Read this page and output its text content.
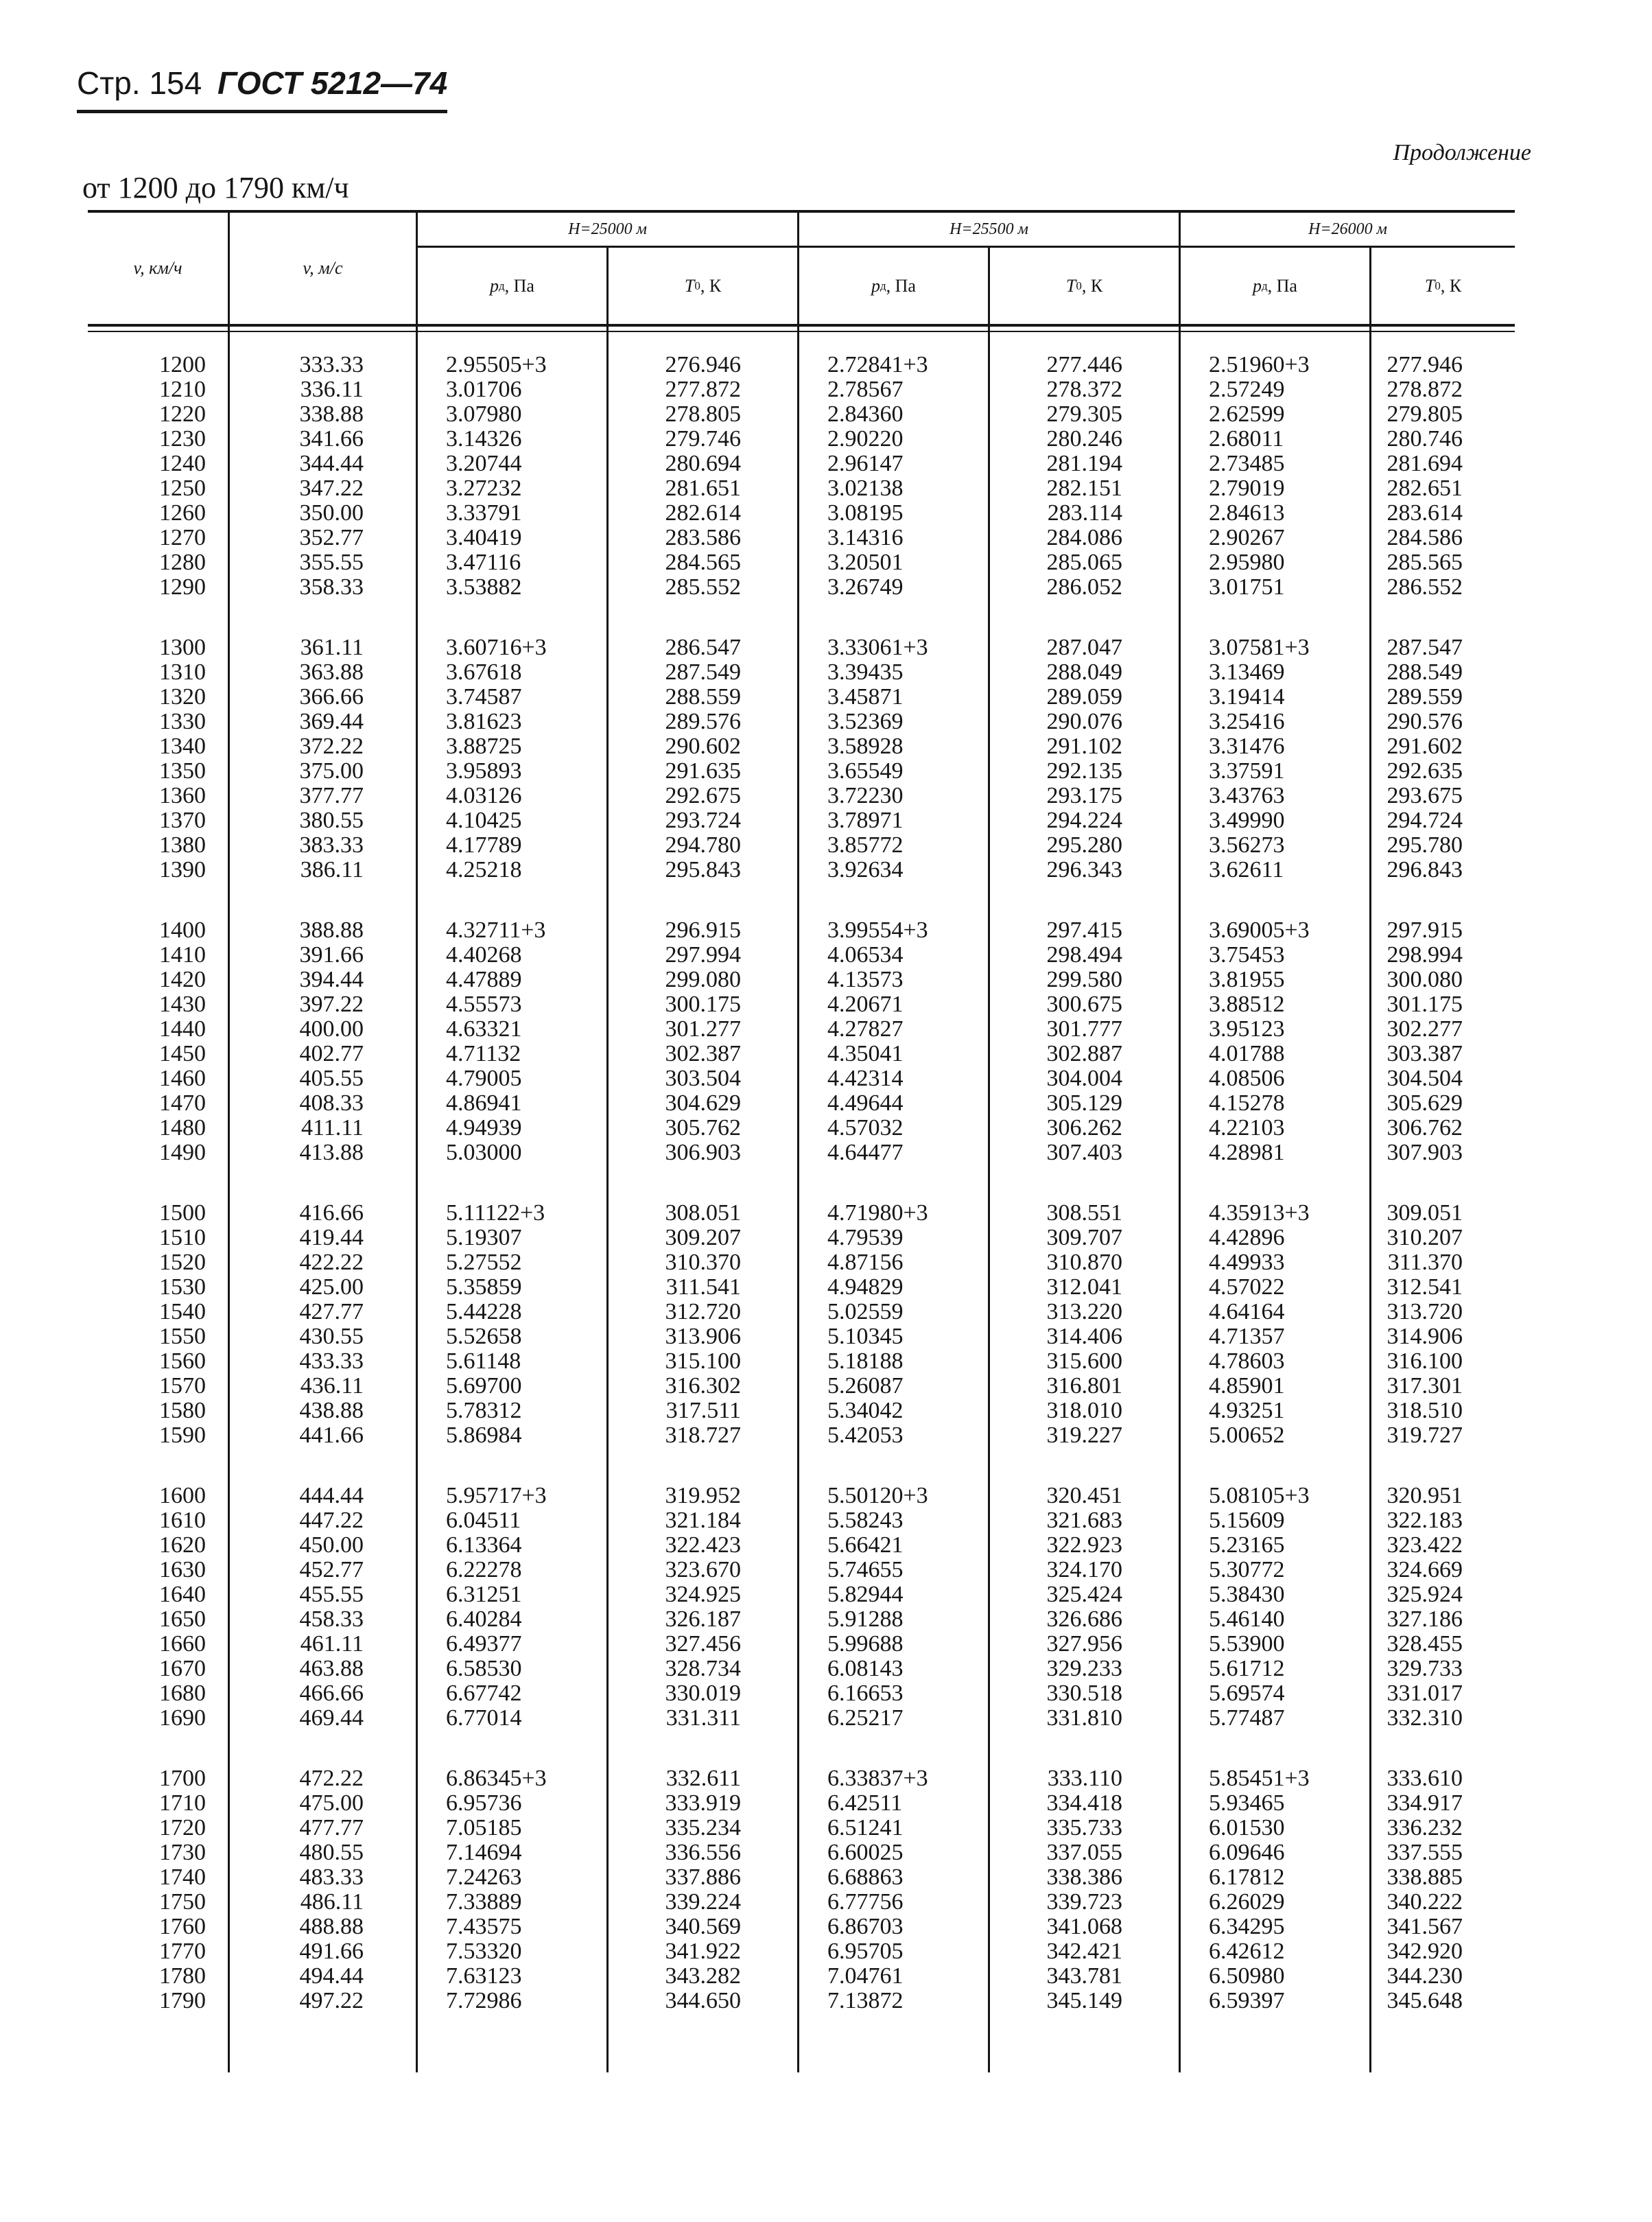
Стр. 154 ГОСТ 5212—74
Продолжение
от 1200 до 1790 км/ч
v, км/ч	v, м/с
H=25000 м	H=25500 м	H=26000 м
p д , Па	T 0 , К	p д , Па	T 0 , К	p д , Па	T 0 , К
1200	333.33	2.95505+3	276.946	2.72841+3	277.446	2.51960+3	277.946
1210	336.11	3.01706	277.872	2.78567	278.372	2.57249	278.872
1220	338.88	3.07980	278.805	2.84360	279.305	2.62599	279.805
1230	341.66	3.14326	279.746	2.90220	280.246	2.68011	280.746
1240	344.44	3.20744	280.694	2.96147	281.194	2.73485	281.694
1250	347.22	3.27232	281.651	3.02138	282.151	2.79019	282.651
1260	350.00	3.33791	282.614	3.08195	283.114	2.84613	283.614
1270	352.77	3.40419	283.586	3.14316	284.086	2.90267	284.586
1280	355.55	3.47116	284.565	3.20501	285.065	2.95980	285.565
1290	358.33	3.53882	285.552	3.26749	286.052	3.01751	286.552
1300	361.11	3.60716+3	286.547	3.33061+3	287.047	3.07581+3	287.547
1310	363.88	3.67618	287.549	3.39435	288.049	3.13469	288.549
1320	366.66	3.74587	288.559	3.45871	289.059	3.19414	289.559
1330	369.44	3.81623	289.576	3.52369	290.076	3.25416	290.576
1340	372.22	3.88725	290.602	3.58928	291.102	3.31476	291.602
1350	375.00	3.95893	291.635	3.65549	292.135	3.37591	292.635
1360	377.77	4.03126	292.675	3.72230	293.175	3.43763	293.675
1370	380.55	4.10425	293.724	3.78971	294.224	3.49990	294.724
1380	383.33	4.17789	294.780	3.85772	295.280	3.56273	295.780
1390	386.11	4.25218	295.843	3.92634	296.343	3.62611	296.843
1400	388.88	4.32711+3	296.915	3.99554+3	297.415	3.69005+3	297.915
1410	391.66	4.40268	297.994	4.06534	298.494	3.75453	298.994
1420	394.44	4.47889	299.080	4.13573	299.580	3.81955	300.080
1430	397.22	4.55573	300.175	4.20671	300.675	3.88512	301.175
1440	400.00	4.63321	301.277	4.27827	301.777	3.95123	302.277
1450	402.77	4.71132	302.387	4.35041	302.887	4.01788	303.387
1460	405.55	4.79005	303.504	4.42314	304.004	4.08506	304.504
1470	408.33	4.86941	304.629	4.49644	305.129	4.15278	305.629
1480	411.11	4.94939	305.762	4.57032	306.262	4.22103	306.762
1490	413.88	5.03000	306.903	4.64477	307.403	4.28981	307.903
1500	416.66	5.11122+3	308.051	4.71980+3	308.551	4.35913+3	309.051
1510	419.44	5.19307	309.207	4.79539	309.707	4.42896	310.207
1520	422.22	5.27552	310.370	4.87156	310.870	4.49933	311.370
1530	425.00	5.35859	311.541	4.94829	312.041	4.57022	312.541
1540	427.77	5.44228	312.720	5.02559	313.220	4.64164	313.720
1550	430.55	5.52658	313.906	5.10345	314.406	4.71357	314.906
1560	433.33	5.61148	315.100	5.18188	315.600	4.78603	316.100
1570	436.11	5.69700	316.302	5.26087	316.801	4.85901	317.301
1580	438.88	5.78312	317.511	5.34042	318.010	4.93251	318.510
1590	441.66	5.86984	318.727	5.42053	319.227	5.00652	319.727
1600	444.44	5.95717+3	319.952	5.50120+3	320.451	5.08105+3	320.951
1610	447.22	6.04511	321.184	5.58243	321.683	5.15609	322.183
1620	450.00	6.13364	322.423	5.66421	322.923	5.23165	323.422
1630	452.77	6.22278	323.670	5.74655	324.170	5.30772	324.669
1640	455.55	6.31251	324.925	5.82944	325.424	5.38430	325.924
1650	458.33	6.40284	326.187	5.91288	326.686	5.46140	327.186
1660	461.11	6.49377	327.456	5.99688	327.956	5.53900	328.455
1670	463.88	6.58530	328.734	6.08143	329.233	5.61712	329.733
1680	466.66	6.67742	330.019	6.16653	330.518	5.69574	331.017
1690	469.44	6.77014	331.311	6.25217	331.810	5.77487	332.310
1700	472.22	6.86345+3	332.611	6.33837+3	333.110	5.85451+3	333.610
1710	475.00	6.95736	333.919	6.42511	334.418	5.93465	334.917
1720	477.77	7.05185	335.234	6.51241	335.733	6.01530	336.232
1730	480.55	7.14694	336.556	6.60025	337.055	6.09646	337.555
1740	483.33	7.24263	337.886	6.68863	338.386	6.17812	338.885
1750	486.11	7.33889	339.224	6.77756	339.723	6.26029	340.222
1760	488.88	7.43575	340.569	6.86703	341.068	6.34295	341.567
1770	491.66	7.53320	341.922	6.95705	342.421	6.42612	342.920
1780	494.44	7.63123	343.282	7.04761	343.781	6.50980	344.230
1790	497.22	7.72986	344.650	7.13872	345.149	6.59397	345.648
